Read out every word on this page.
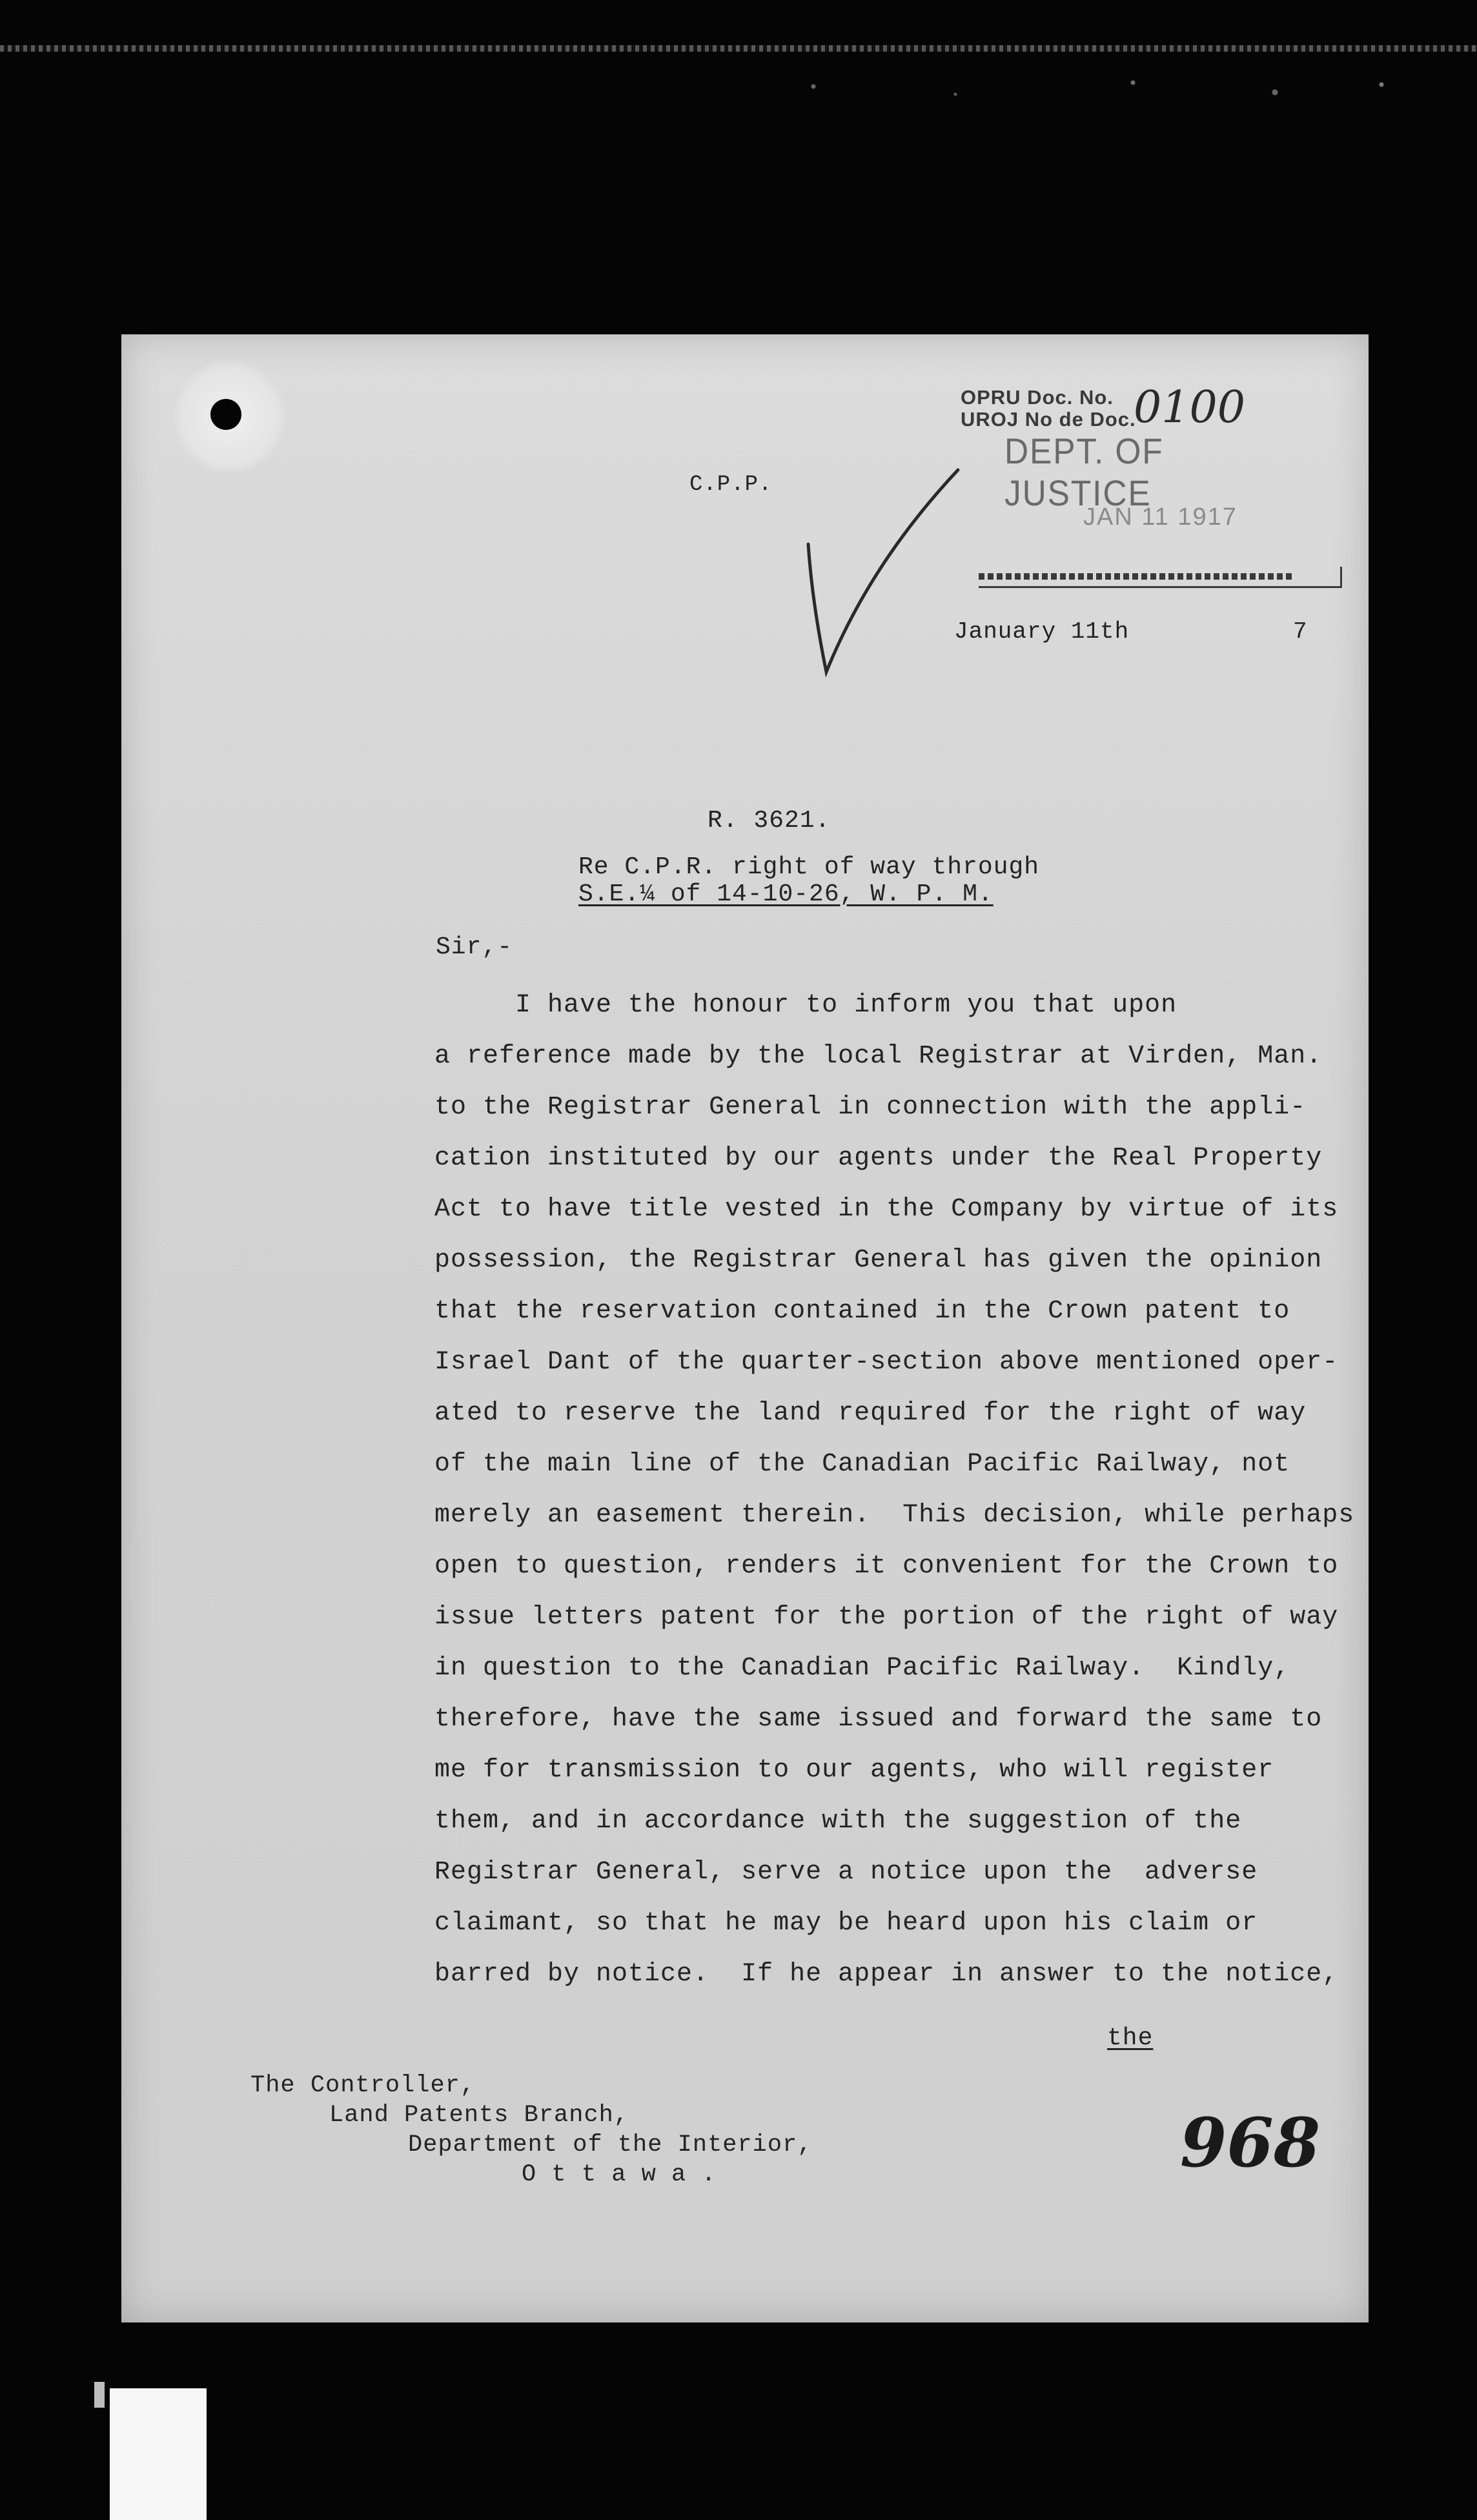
OPRU Doc. No.
UROJ No de Doc.
0100
DEPT. OF JUSTICE
JAN 11 1917
C.P.P.
January 11th	7
R. 3621.
Re C.P.R. right of way through
S.E.¼ of 14-10-26, W. P. M.
Sir,-
I have the honour to inform you that upon
a reference made by the local Registrar at Virden, Man.
to the Registrar General in connection with the appli-
cation instituted by our agents under the Real Property
Act to have title vested in the Company by virtue of its
possession, the Registrar General has given the opinion
that the reservation contained in the Crown patent to
Israel Dant of the quarter-section above mentioned oper-
ated to reserve the land required for the right of way
of the main line of the Canadian Pacific Railway, not
merely an easement therein.  This decision, while perhaps
open to question, renders it convenient for the Crown to
issue letters patent for the portion of the right of way
in question to the Canadian Pacific Railway.  Kindly,
therefore, have the same issued and forward the same to
me for transmission to our agents, who will register
them, and in accordance with the suggestion of the
Registrar General, serve a notice upon the  adverse
claimant, so that he may be heard upon his claim or
barred by notice.  If he appear in answer to the notice,
the
The Controller,
Land Patents Branch,
Department of the Interior,
O t t a w a .	968
